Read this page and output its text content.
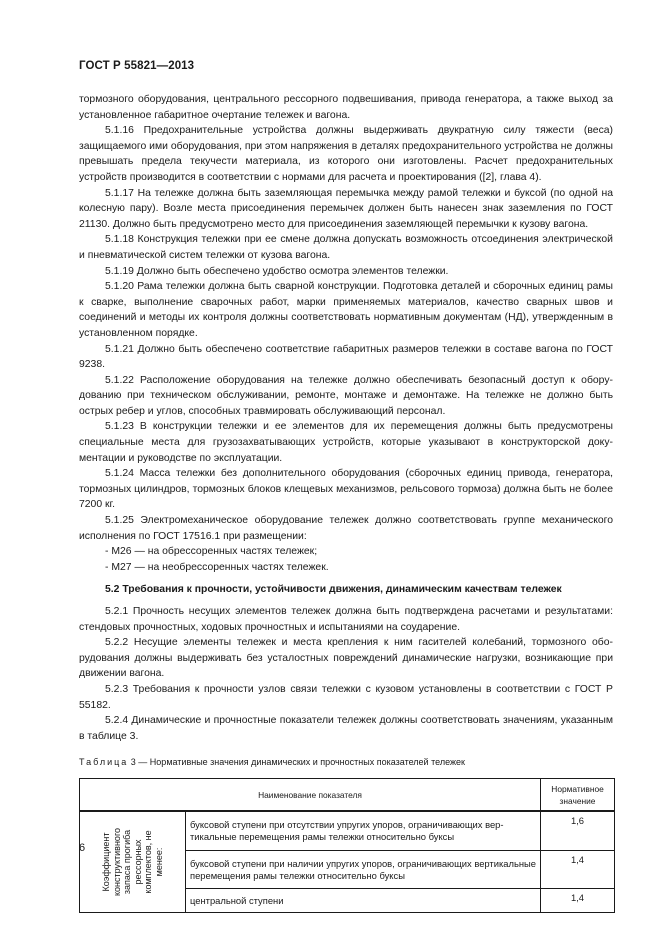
ГОСТ Р 55821—2013

тормозного оборудования, центрального рессорного подвешивания, привода генератора, а также выход за установленное габаритное очертание тележек и вагона.

5.1.16 Предохранительные устройства должны выдерживать двукратную силу тяжести (веса) защищаемого ими оборудования, при этом напряжения в деталях предохранительного устройства не должны превышать предела текучести материала, из которого они изготовлены. Расчет предохранительных устройств производится в соответствии с нормами для расчета и проектирования ([2], глава 4).

5.1.17 На тележке должна быть заземляющая перемычка между рамой тележки и буксой (по одной на колесную пару). Возле места присоединения перемычек должен быть нанесен знак заземления по ГОСТ 21130. Должно быть предусмотрено место для присоединения заземляющей перемычки к кузову вагона.

5.1.18 Конструкция тележки при ее смене должна допускать возможность отсоединения электрической и пневматической систем тележки от кузова вагона.

5.1.19 Должно быть обеспечено удобство осмотра элементов тележки.

5.1.20 Рама тележки должна быть сварной конструкции. Подготовка деталей и сборочных единиц рамы к сварке, выполнение сварочных работ, марки применяемых материалов, качество сварных швов и соединений и методы их контроля должны соответствовать нормативным документам (НД), утвержденным в установленном порядке.

5.1.21 Должно быть обеспечено соответствие габаритных размеров тележки в составе вагона по ГОСТ 9238.

5.1.22 Расположение оборудования на тележке должно обеспечивать безопасный доступ к оборудованию при техническом обслуживании, ремонте, монтаже и демонтаже. На тележке не должно быть острых ребер и углов, способных травмировать обслуживающий персонал.

5.1.23 В конструкции тележки и ее элементов для их перемещения должны быть предусмотрены специальные места для грузозахватывающих устройств, которые указывают в конструкторской документации и руководстве по эксплуатации.

5.1.24 Масса тележки без дополнительного оборудования (сборочных единиц привода, генератора, тормозных цилиндров, тормозных блоков клещевых механизмов, рельсового тормоза) должна быть не более 7200 кг.

5.1.25 Электромеханическое оборудование тележек должно соответствовать группе механического исполнения по ГОСТ 17516.1 при размещении:

- М26 — на обрессоренных частях тележек;

- М27 — на необрессоренных частях тележек.

5.2 Требования к прочности, устойчивости движения, динамическим качествам тележек

5.2.1 Прочность несущих элементов тележек должна быть подтверждена расчетами и результатами: стендовых прочностных, ходовых прочностных и испытаниями на соударение.

5.2.2 Несущие элементы тележек и места крепления к ним гасителей колебаний, тормозного оборудования должны выдерживать без усталостных повреждений динамические нагрузки, возникающие при движении вагона.

5.2.3 Требования к прочности узлов связи тележки с кузовом установлены в соответствии с ГОСТ Р 55182.

5.2.4 Динамические и прочностные показатели тележек должны соответствовать значениям, указанным в таблице 3.

Таблица 3 — Нормативные значения динамических и прочностных показателей тележек

Наименование показателя		Нормативное значение

Коэффициент конструктивного запаса прогиба рессорных комплектов, не менее:	буксовой ступени при отсутствии упругих упоров, ограничивающих вертикальные перемещения рамы тележки относительно буксы	1,6
	буксовой ступени при наличии упругих упоров, ограничивающих вертикальные перемещения рамы тележки относительно буксы	1,4
	центральной ступени	1,4
6
